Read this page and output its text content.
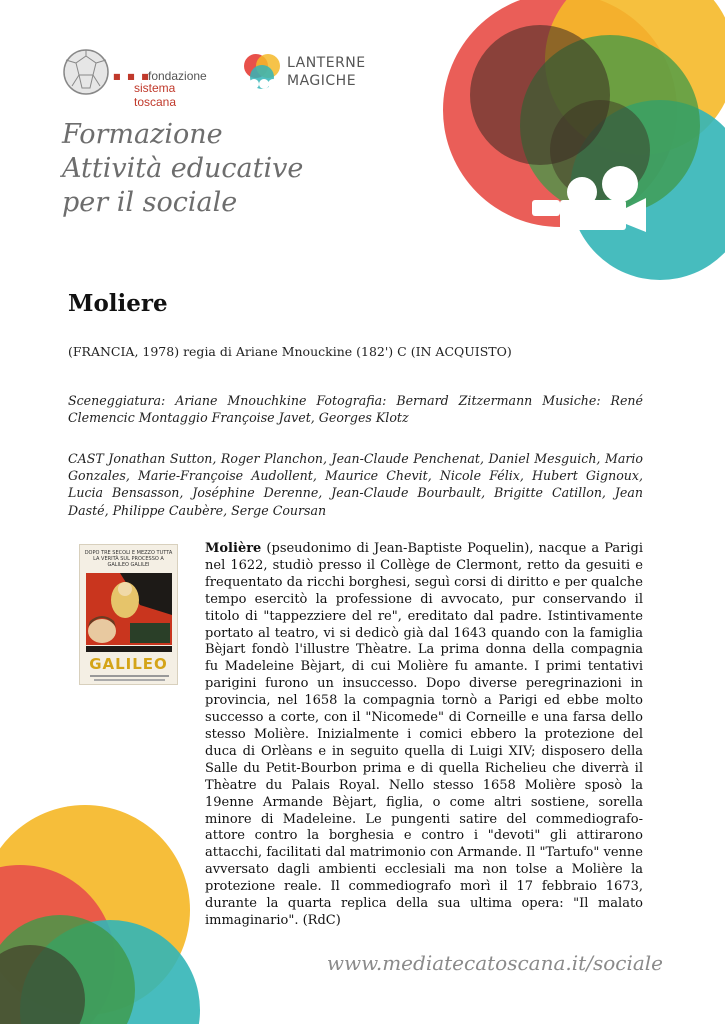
■ ■ ■
fondazione
sistema toscana
LANTERNE
MAGICHE
Formazione
Attività educative
per il sociale
Moliere
(FRANCIA, 1978) regia di Ariane Mnouckine (182') C (IN ACQUISTO)
Sceneggiatura: Ariane Mnouchkine Fotografia: Bernard Zitzermann Musiche: René Clemencic Montaggio Françoise Javet, Georges Klotz
CAST Jonathan Sutton, Roger Planchon, Jean-Claude Penchenat, Daniel Mesguich, Mario Gonzales, Marie-Françoise Audollent, Maurice Chevit, Nicole Félix, Hubert Gignoux, Lucia Bensasson, Joséphine Derenne, Jean-Claude Bourbault, Brigitte Catillon, Jean Dasté, Philippe Caubère, Serge Coursan
DOPO TRE SECOLI E MEZZO TUTTA LA VERITÀ SUL PROCESSO A GALILEO GALILEI
GALILEO
Molière (pseudonimo di Jean-Baptiste Poquelin), nacque a Parigi nel 1622, studiò presso il Collège de Clermont, retto da gesuiti e frequentato da ricchi borghesi, seguì corsi di diritto e per qualche tempo esercitò la professione di avvocato, pur conservando il titolo di "tappezziere del re", ereditato dal padre. Istintivamente portato al teatro, vi si dedicò già dal 1643 quando con la famiglia Bèjart fondò l'illustre Thèatre. La prima donna della compagnia fu Madeleine Bèjart, di cui Molière fu amante. I primi tentativi parigini furono un insuccesso. Dopo diverse peregrinazioni in provincia, nel 1658 la compagnia tornò a Parigi ed ebbe molto successo a corte, con il "Nicomede" di Corneille e una farsa dello stesso Molière. Inizialmente i comici ebbero la protezione del duca di Orlèans e in seguito quella di Luigi XIV; disposero della Salle du Petit-Bourbon prima e di quella Richelieu che diverrà il Thèatre du Palais Royal. Nello stesso 1658 Molière sposò la 19enne Armande Bèjart, figlia, o come altri sostiene, sorella minore di Madeleine. Le pungenti satire del commediografo-attore contro la borghesia e contro i "devoti" gli attirarono attacchi, facilitati dal matrimonio con Armande. Il "Tartufo" venne avversato dagli ambienti ecclesiali ma non tolse a Molière la protezione reale. Il commediografo morì il 17 febbraio 1673, durante la quarta replica della sua ultima opera: "Il malato immaginario". (RdC)
www.mediatecatoscana.it/sociale
